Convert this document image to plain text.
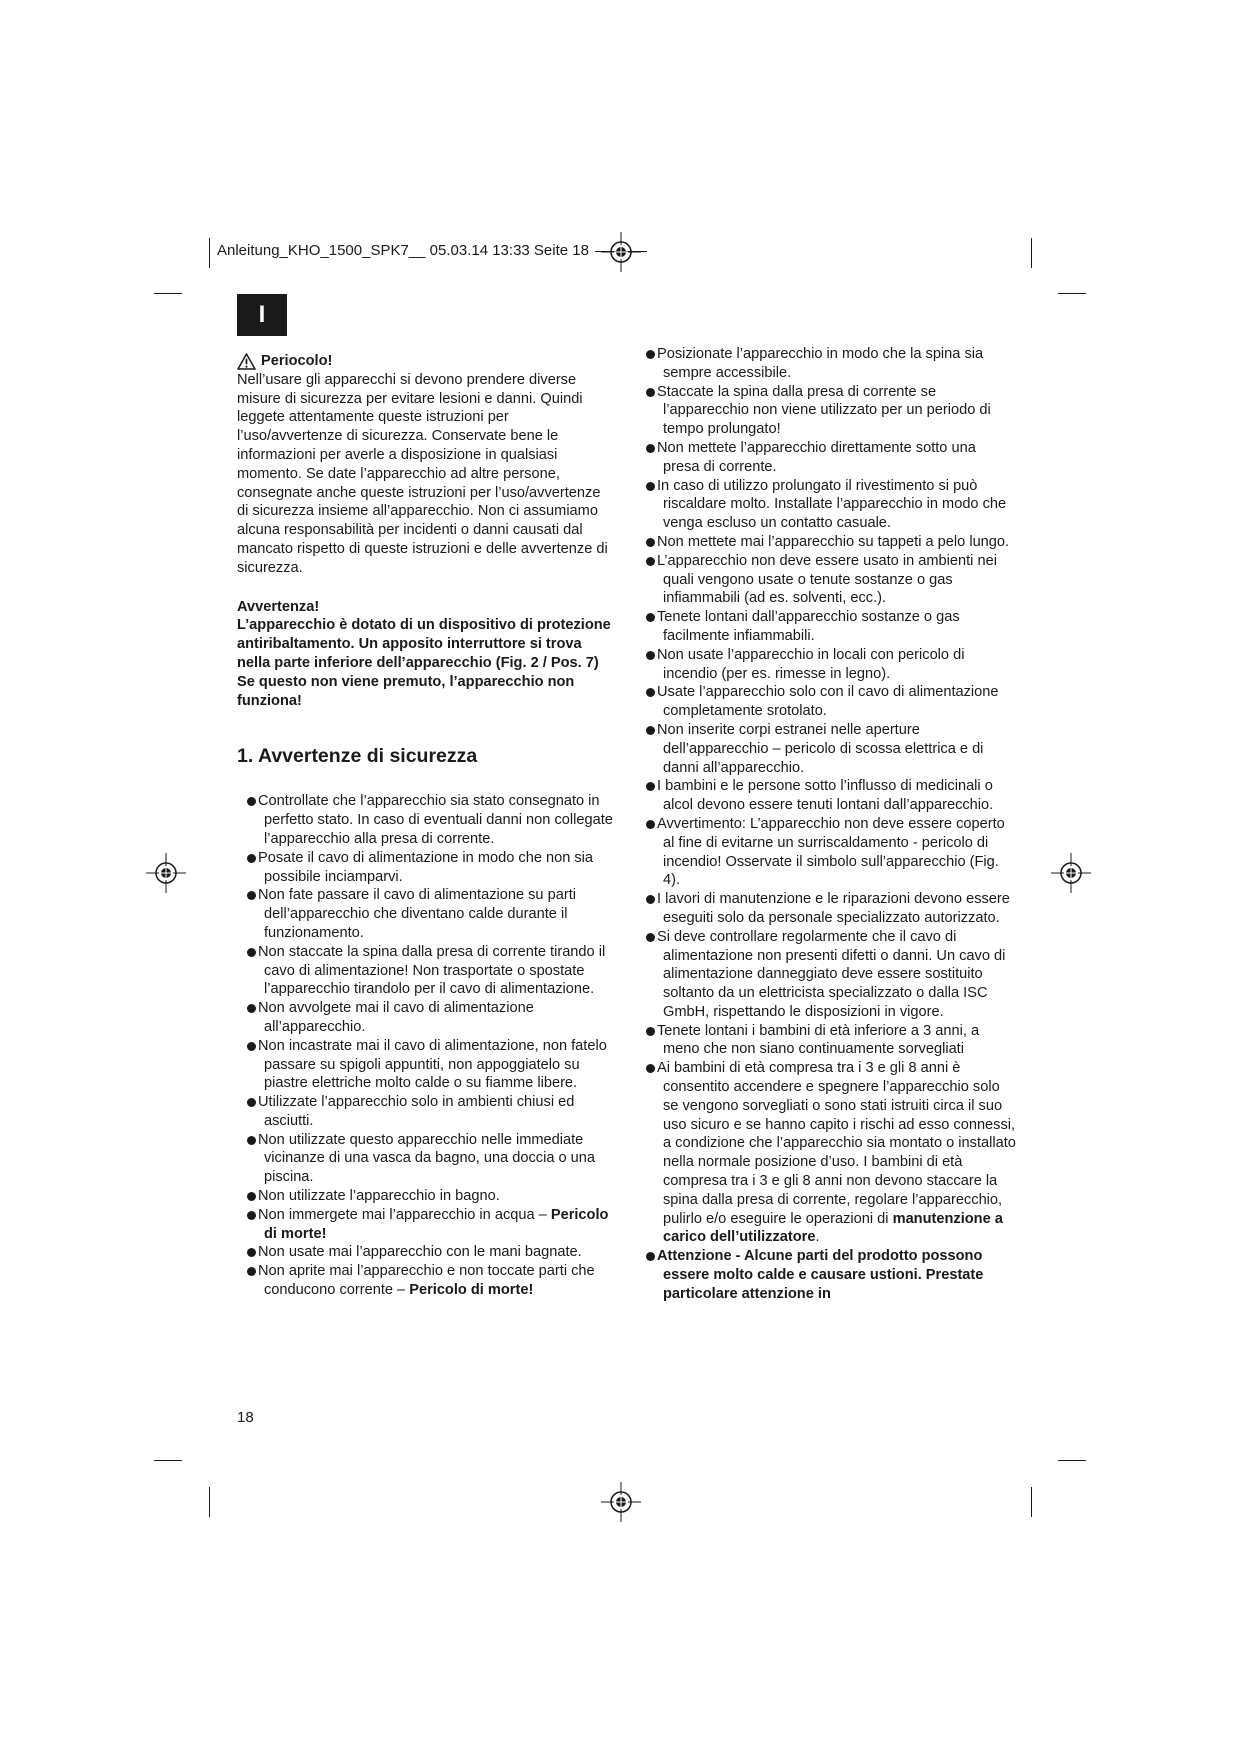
Anleitung_KHO_1500_SPK7__ 05.03.14 13:33 Seite 18
I
Periocolo!

Nell’usare gli apparecchi si devono prendere diverse misure di sicurezza per evitare lesioni e danni. Quindi leggete attentamente queste istruzioni per l’uso/avvertenze di sicurezza. Conservate bene le informazioni per averle a disposizione in qualsiasi momento. Se date l’apparecchio ad altre persone, consegnate anche queste istruzioni per l’uso/avvertenze di sicurezza insieme all’apparecchio. Non ci assumiamo alcuna responsabilità per incidenti o danni causati dal mancato rispetto di queste istruzioni e delle avvertenze di sicurezza.

Avvertenza!

L’apparecchio è dotato di un dispositivo di protezione antiribaltamento. Un apposito interruttore si trova nella parte inferiore dell’apparecchio (Fig. 2 / Pos. 7) Se questo non viene premuto, l’apparecchio non funziona!

1. Avvertenze di sicurezza
Controllate che l’apparecchio sia stato consegnato in perfetto stato. In caso di eventuali danni non collegate l’apparecchio alla presa di corrente.
Posate il cavo di alimentazione in modo che non sia possibile inciamparvi.
Non fate passare il cavo di alimentazione su parti dell’apparecchio che diventano calde durante il funzionamento.
Non staccate la spina dalla presa di corrente tirando il cavo di alimentazione! Non trasportate o spostate l’apparecchio tirandolo per il cavo di alimentazione.
Non avvolgete mai il cavo di alimentazione all’apparecchio.
Non incastrate mai il cavo di alimentazione, non fatelo passare su spigoli appuntiti, non appoggiatelo su piastre elettriche molto calde o su fiamme libere.
Utilizzate l’apparecchio solo in ambienti chiusi ed asciutti.
Non utilizzate questo apparecchio nelle immediate vicinanze di una vasca da bagno, una doccia o una piscina.
Non utilizzate l’apparecchio in bagno.
Non immergete mai l’apparecchio in acqua – Pericolo di morte!
Non usate mai l’apparecchio con le mani bagnate.
Non aprite mai l’apparecchio e non toccate parti che conducono corrente – Pericolo di morte!
Posizionate l’apparecchio in modo che la spina sia sempre accessibile.
Staccate la spina dalla presa di corrente se l’apparecchio non viene utilizzato per un periodo di tempo prolungato!
Non mettete l’apparecchio direttamente sotto una presa di corrente.
In caso di utilizzo prolungato il rivestimento si può riscaldare molto. Installate l’apparecchio in modo che venga escluso un contatto casuale.
Non mettete mai l’apparecchio su tappeti a pelo lungo.
L’apparecchio non deve essere usato in ambienti nei quali vengono usate o tenute sostanze o gas infiammabili (ad es. solventi, ecc.).
Tenete lontani dall’apparecchio sostanze o gas facilmente infiammabili.
Non usate l’apparecchio in locali con pericolo di incendio (per es. rimesse in legno).
Usate l’apparecchio solo con il cavo di alimentazione completamente srotolato.
Non inserite corpi estranei nelle aperture dell’apparecchio – pericolo di scossa elettrica e di danni all’apparecchio.
I bambini e le persone sotto l’influsso di medicinali o alcol devono essere tenuti lontani dall’apparecchio.
Avvertimento: L’apparecchio non deve essere coperto al fine di evitarne un surriscaldamento - pericolo di incendio! Osservate il simbolo sull’apparecchio (Fig. 4).
I lavori di manutenzione e le riparazioni devono essere eseguiti solo da personale specializzato autorizzato.
Si deve controllare regolarmente che il cavo di alimentazione non presenti difetti o danni. Un cavo di alimentazione danneggiato deve essere sostituito soltanto da un elettricista specializzato o dalla ISC GmbH, rispettando le disposizioni in vigore.
Tenete lontani i bambini di età inferiore a 3 anni, a meno che non siano continuamente sorvegliati
Ai bambini di età compresa tra i 3 e gli 8 anni è consentito accendere e spegnere l’apparecchio solo se vengono sorvegliati o sono stati istruiti circa il suo uso sicuro e se hanno capito i rischi ad esso connessi, a condizione che l’apparecchio sia montato o installato nella normale posizione d’uso. I bambini di età compresa tra i 3 e gli 8 anni non devono staccare la spina dalla presa di corrente, regolare l’apparecchio, pulirlo e/o eseguire le operazioni di manutenzione a carico dell’utilizzatore.
Attenzione - Alcune parti del prodotto possono essere molto calde e causare ustioni. Prestate particolare attenzione in
18
